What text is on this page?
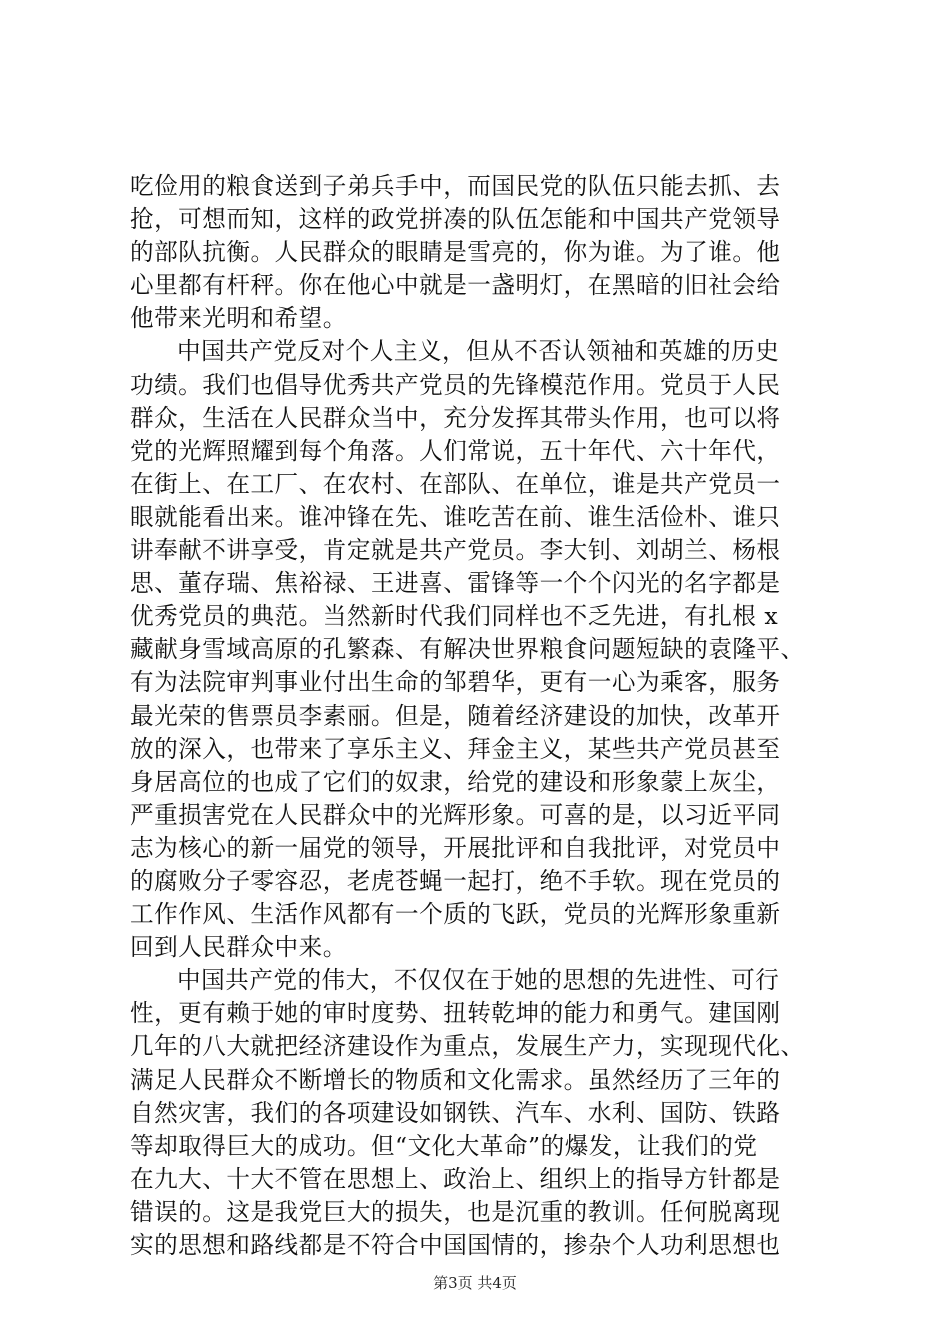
吃俭用的粮食送到子弟兵手中，而国民党的队伍只能去抓、去
抢，可想而知，这样的政党拼凑的队伍怎能和中国共产党领导
的部队抗衡。人民群众的眼睛是雪亮的，你为谁。为了谁。他
心里都有杆秤。你在他心中就是一盏明灯，在黑暗的旧社会给
他带来光明和希望。
中国共产党反对个人主义，但从不否认领袖和英雄的历史
功绩。我们也倡导优秀共产党员的先锋模范作用。党员于人民
群众，生活在人民群众当中，充分发挥其带头作用，也可以将
党的光辉照耀到每个角落。人们常说，五十年代、六十年代，
在街上、在工厂、在农村、在部队、在单位，谁是共产党员一
眼就能看出来。谁冲锋在先、谁吃苦在前、谁生活俭朴、谁只
讲奉献不讲享受，肯定就是共产党员。李大钊、刘胡兰、杨根
思、董存瑞、焦裕禄、王进喜、雷锋等一个个闪光的名字都是
优秀党员的典范。当然新时代我们同样也不乏先进，有扎根 x
藏献身雪域高原的孔繁森、有解决世界粮食问题短缺的袁隆平、
有为法院审判事业付出生命的邹碧华，更有一心为乘客，服务
最光荣的售票员李素丽。但是，随着经济建设的加快，改革开
放的深入，也带来了享乐主义、拜金主义，某些共产党员甚至
身居高位的也成了它们的奴隶，给党的建设和形象蒙上灰尘，
严重损害党在人民群众中的光辉形象。可喜的是，以习近平同
志为核心的新一届党的领导，开展批评和自我批评，对党员中
的腐败分子零容忍，老虎苍蝇一起打，绝不手软。现在党员的
工作作风、生活作风都有一个质的飞跃，党员的光辉形象重新
回到人民群众中来。
中国共产党的伟大，不仅仅在于她的思想的先进性、可行
性，更有赖于她的审时度势、扭转乾坤的能力和勇气。建国刚
几年的八大就把经济建设作为重点，发展生产力，实现现代化、
满足人民群众不断增长的物质和文化需求。虽然经历了三年的
自然灾害，我们的各项建设如钢铁、汽车、水利、国防、铁路
等却取得巨大的成功。但“文化大革命”的爆发，让我们的党
在九大、十大不管在思想上、政治上、组织上的指导方针都是
错误的。这是我党巨大的损失，也是沉重的教训。任何脱离现
实的思想和路线都是不符合中国国情的，掺杂个人功利思想也
第3页 共4页
